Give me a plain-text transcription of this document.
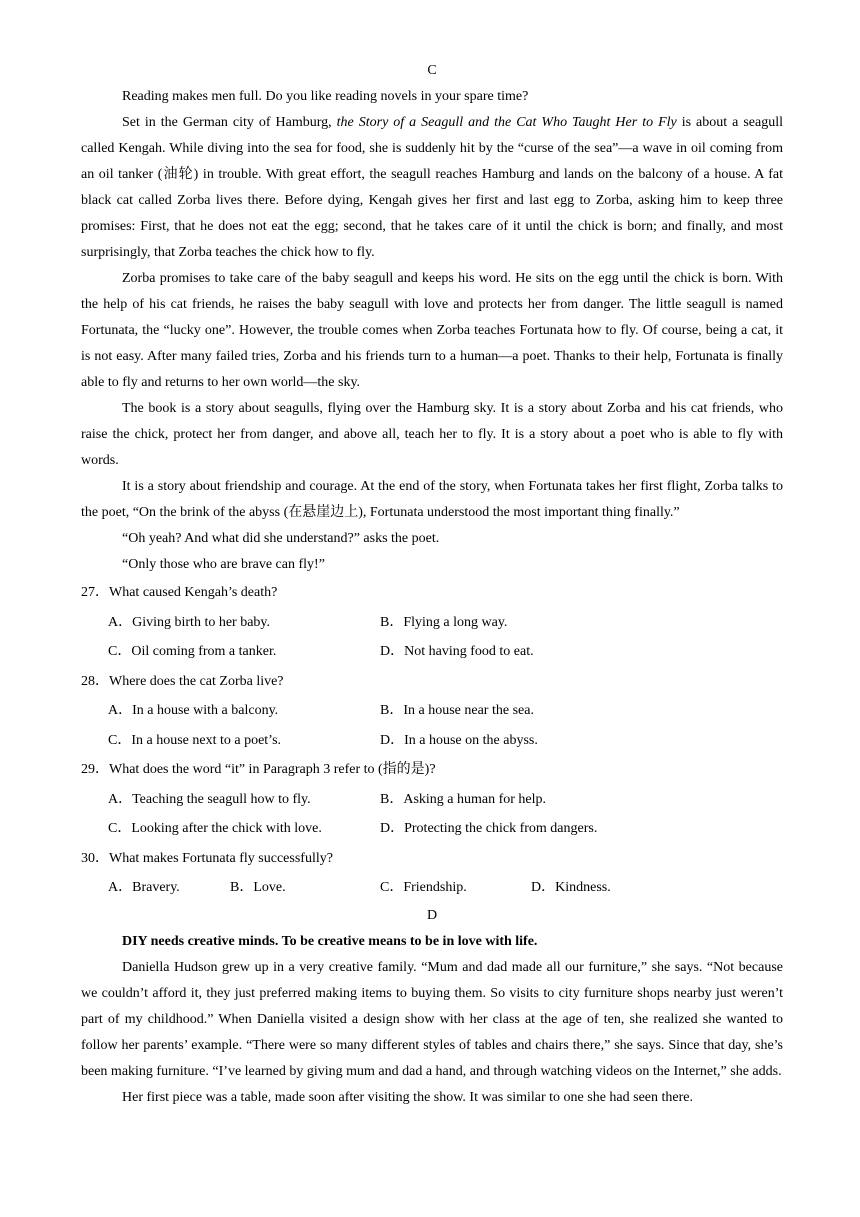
C

Reading makes men full. Do you like reading novels in your spare time?

Set in the German city of Hamburg, the Story of a Seagull and the Cat Who Taught Her to Fly is about a seagull called Kengah. While diving into the sea for food, she is suddenly hit by the “curse of the sea”—a wave in oil coming from an oil tanker (油轮) in trouble. With great effort, the seagull reaches Hamburg and lands on the balcony of a house. A fat black cat called Zorba lives there. Before dying, Kengah gives her first and last egg to Zorba, asking him to keep three promises: First, that he does not eat the egg; second, that he takes care of it until the chick is born; and finally, and most surprisingly, that Zorba teaches the chick how to fly.

Zorba promises to take care of the baby seagull and keeps his word. He sits on the egg until the chick is born. With the help of his cat friends, he raises the baby seagull with love and protects her from danger. The little seagull is named Fortunata, the “lucky one”. However, the trouble comes when Zorba teaches Fortunata how to fly. Of course, being a cat, it is not easy. After many failed tries, Zorba and his friends turn to a human—a poet. Thanks to their help, Fortunata is finally able to fly and returns to her own world—the sky.

The book is a story about seagulls, flying over the Hamburg sky. It is a story about Zorba and his cat friends, who raise the chick, protect her from danger, and above all, teach her to fly. It is a story about a poet who is able to fly with words.

It is a story about friendship and courage. At the end of the story, when Fortunata takes her first flight, Zorba talks to the poet, “On the brink of the abyss (在悬崖边上), Fortunata understood the most important thing finally.”

“Oh yeah? And what did she understand?” asks the poet.

“Only those who are brave can fly!”

27．What caused Kengah’s death?

A．Giving birth to her baby.	B．Flying a long way.
C．Oil coming from a tanker.	D．Not having food to eat.

28．Where does the cat Zorba live?

A．In a house with a balcony.	B．In a house near the sea.
C．In a house next to a poet’s.	D．In a house on the abyss.

29．What does the word “it” in Paragraph 3 refer to (指的是)?

A．Teaching the seagull how to fly.	B．Asking a human for help.
C．Looking after the chick with love.	D．Protecting the chick from dangers.

30．What makes Fortunata fly successfully?

A．Bravery.	B．Love.	C．Friendship.	D．Kindness.

D

DIY needs creative minds. To be creative means to be in love with life.

Daniella Hudson grew up in a very creative family. “Mum and dad made all our furniture,” she says. “Not because we couldn’t afford it, they just preferred making items to buying them. So visits to city furniture shops nearby just weren’t part of my childhood.” When Daniella visited a design show with her class at the age of ten, she realized she wanted to follow her parents’ example. “There were so many different styles of tables and chairs there,” she says. Since that day, she’s been making furniture. “I’ve learned by giving mum and dad a hand, and through watching videos on the Internet,” she adds.

Her first piece was a table, made soon after visiting the show. It was similar to one she had seen there.
